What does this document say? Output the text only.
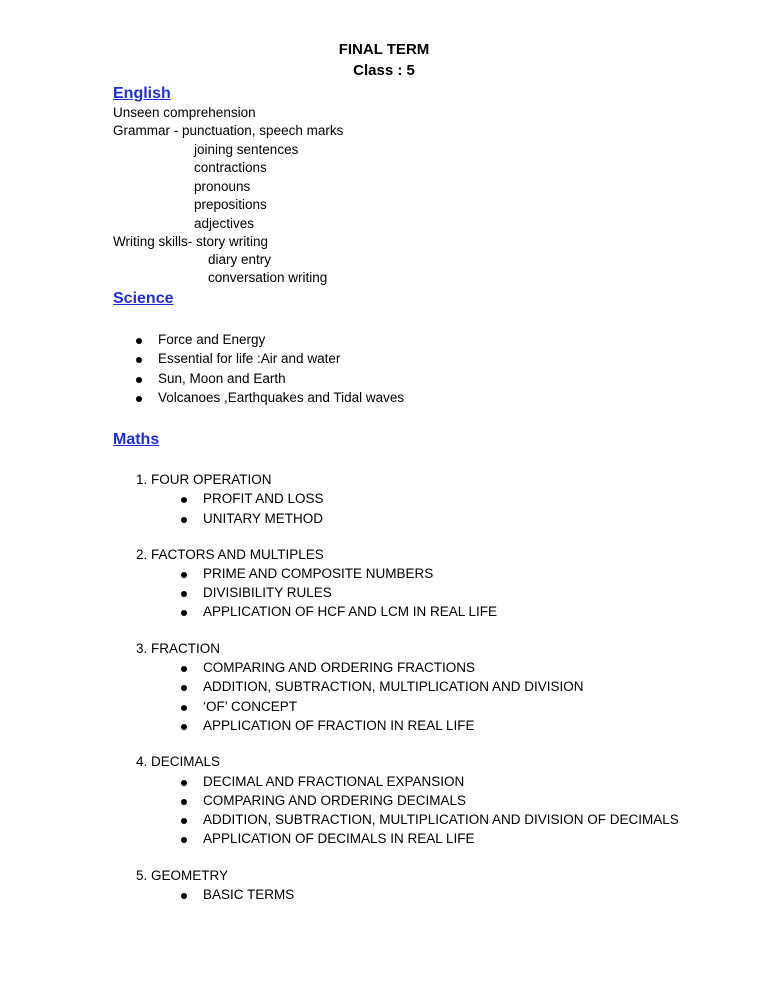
FINAL TERM
Class : 5
English
Unseen comprehension
Grammar - punctuation, speech marks
joining sentences
contractions
pronouns
prepositions
adjectives
Writing skills- story writing
diary entry
conversation writing
Science
Force and Energy
Essential for life :Air and water
Sun, Moon and Earth
Volcanoes ,Earthquakes and Tidal waves
Maths
1. FOUR OPERATION
PROFIT AND LOSS
UNITARY METHOD
2. FACTORS AND MULTIPLES
PRIME AND COMPOSITE NUMBERS
DIVISIBILITY RULES
APPLICATION OF HCF AND LCM IN REAL LIFE
3. FRACTION
COMPARING AND ORDERING FRACTIONS
ADDITION, SUBTRACTION, MULTIPLICATION AND DIVISION
‘OF’ CONCEPT
APPLICATION OF FRACTION IN REAL LIFE
4. DECIMALS
DECIMAL AND FRACTIONAL EXPANSION
COMPARING AND ORDERING DECIMALS
ADDITION, SUBTRACTION, MULTIPLICATION AND DIVISION OF DECIMALS
APPLICATION OF DECIMALS IN REAL LIFE
5. GEOMETRY
BASIC TERMS
